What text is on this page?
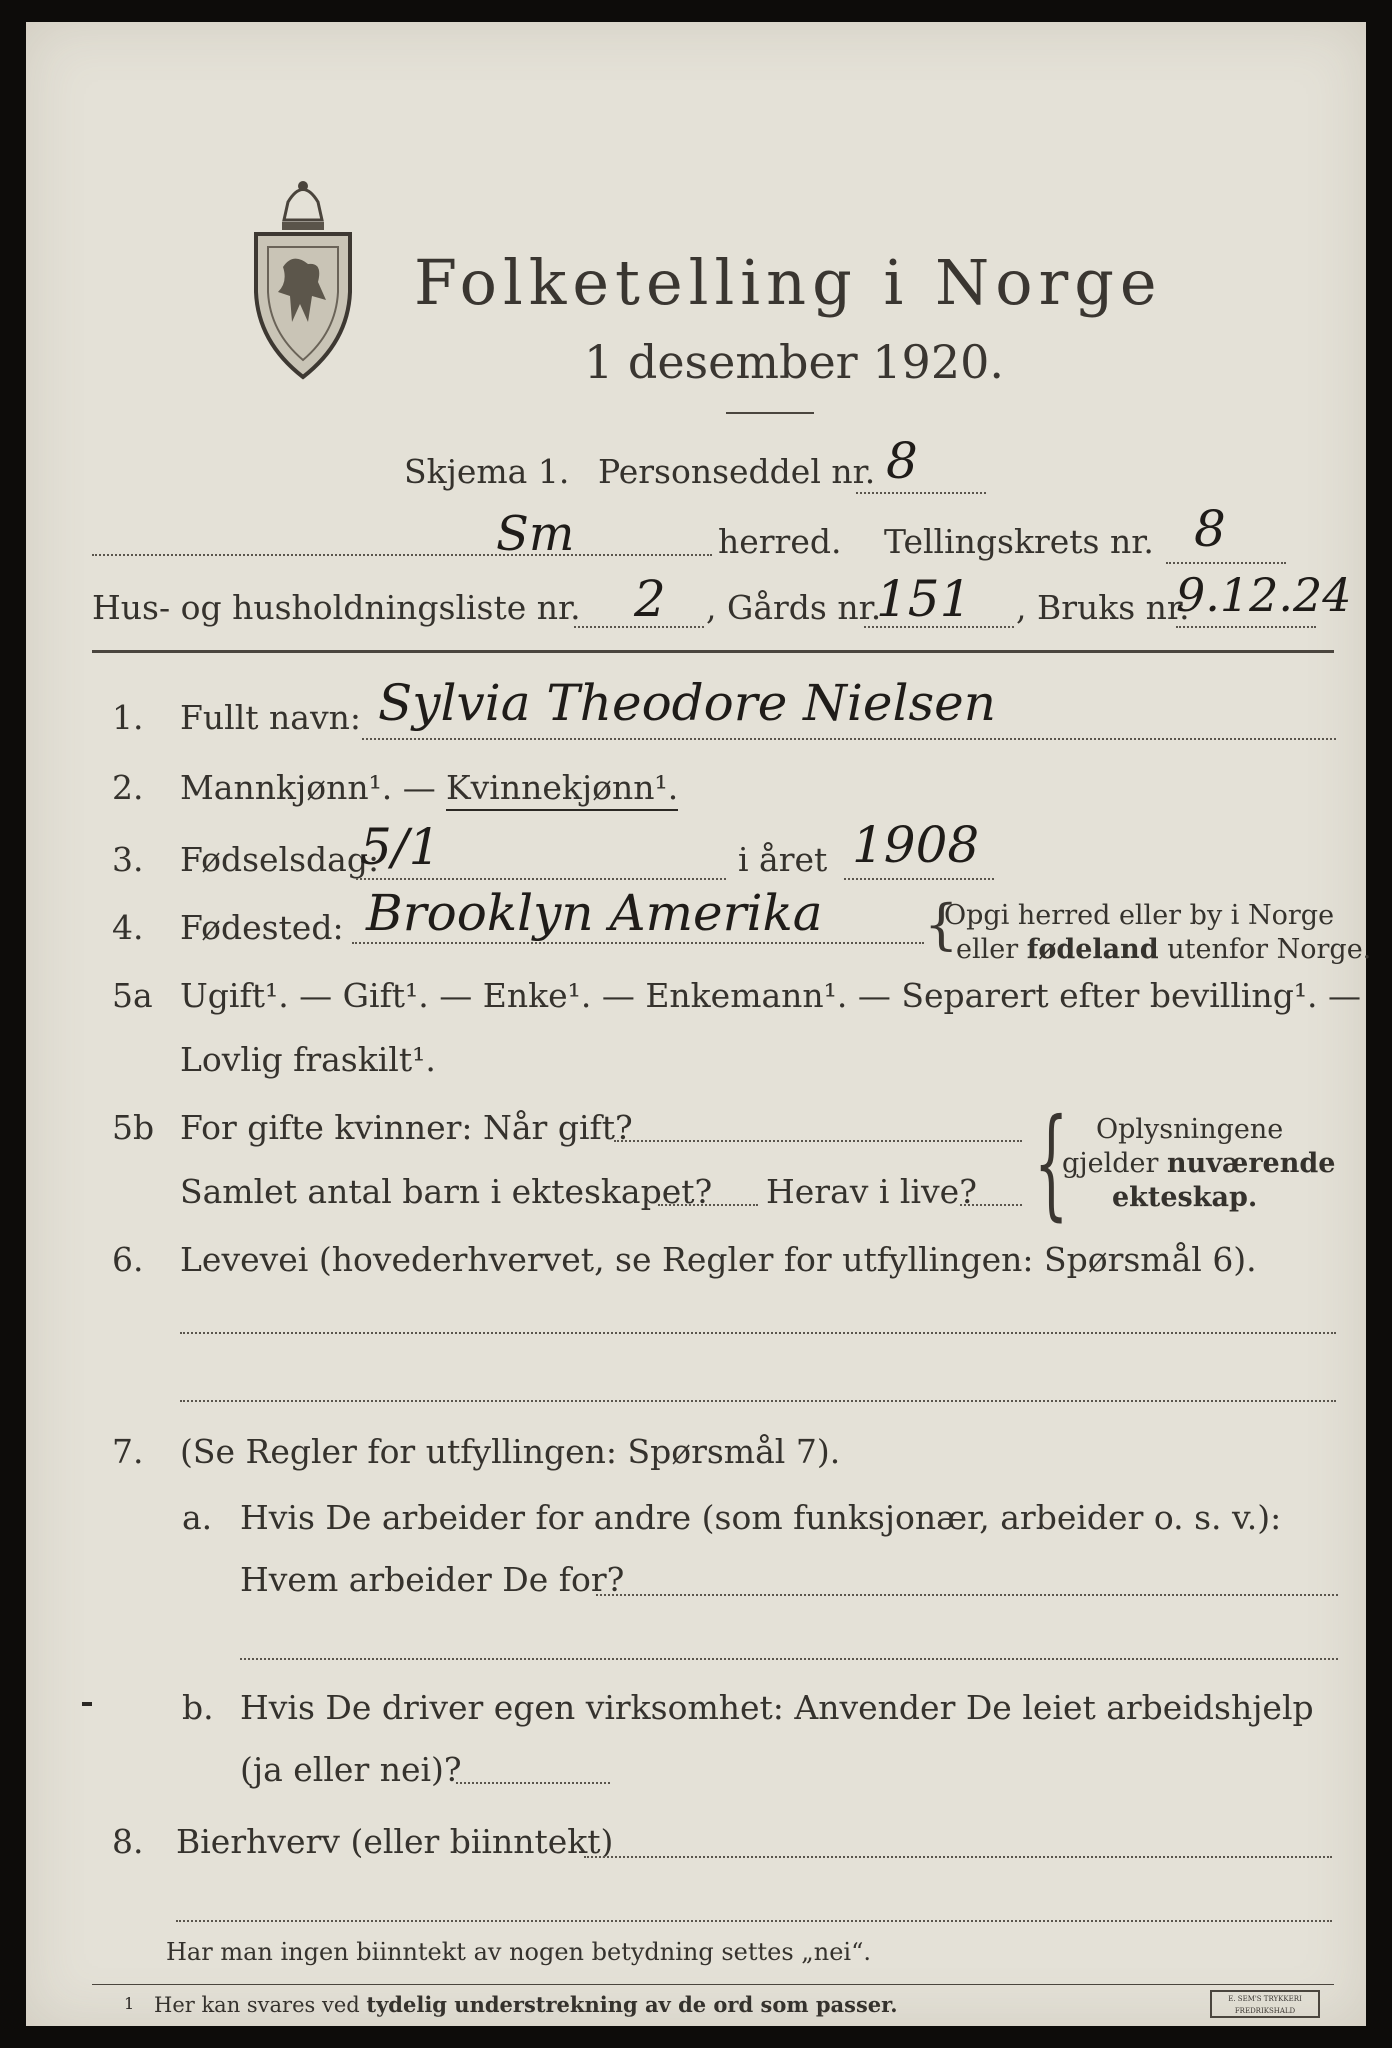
Folketelling i Norge
1 desember 1920.
Skjema 1. Personseddel nr. 8
Sm	herred. Tellingskrets nr. 8
Hus- og husholdningsliste nr. 2 , Gårds nr.
151 , Bruks nr.
9.12.24
1. Fullt navn: Sylvia Theodore Nielsen
2. Mannkjønn¹. — Kvinnekjønn¹.
3. Fødselsdag:
5/1	i året 1908
4. Fødested: Brooklyn Amerika {
Opgi herred eller by i Norge
eller fødeland utenfor Norge.
5a Ugift¹. — Gift¹. — Enke¹. — Enkemann¹. — Separert efter bevilling¹. —
Lovlig fraskilt¹.
5b For gifte kvinner: Når gift?
Samlet antal barn i ekteskapet? Herav i live? { Oplysningene
gjelder nuværende
ekteskap.
6. Levevei (hovederhvervet, se Regler for utfyllingen: Spørsmål 6).
7. (Se Regler for utfyllingen: Spørsmål 7).
a. Hvis De arbeider for andre (som funksjonær, arbeider o. s. v.):
Hvem arbeider De for?
b. Hvis De driver egen virksomhet: Anvender De leiet arbeidshjelp
(ja eller nei)?
8. Bierhverv (eller biinntekt)
Har man ingen biinntekt av nogen betydning settes „nei“.
1 Her kan svares ved tydelig understrekning av de ord som passer.	E. SEM'S TRYKKERI FREDRIKSHALD
